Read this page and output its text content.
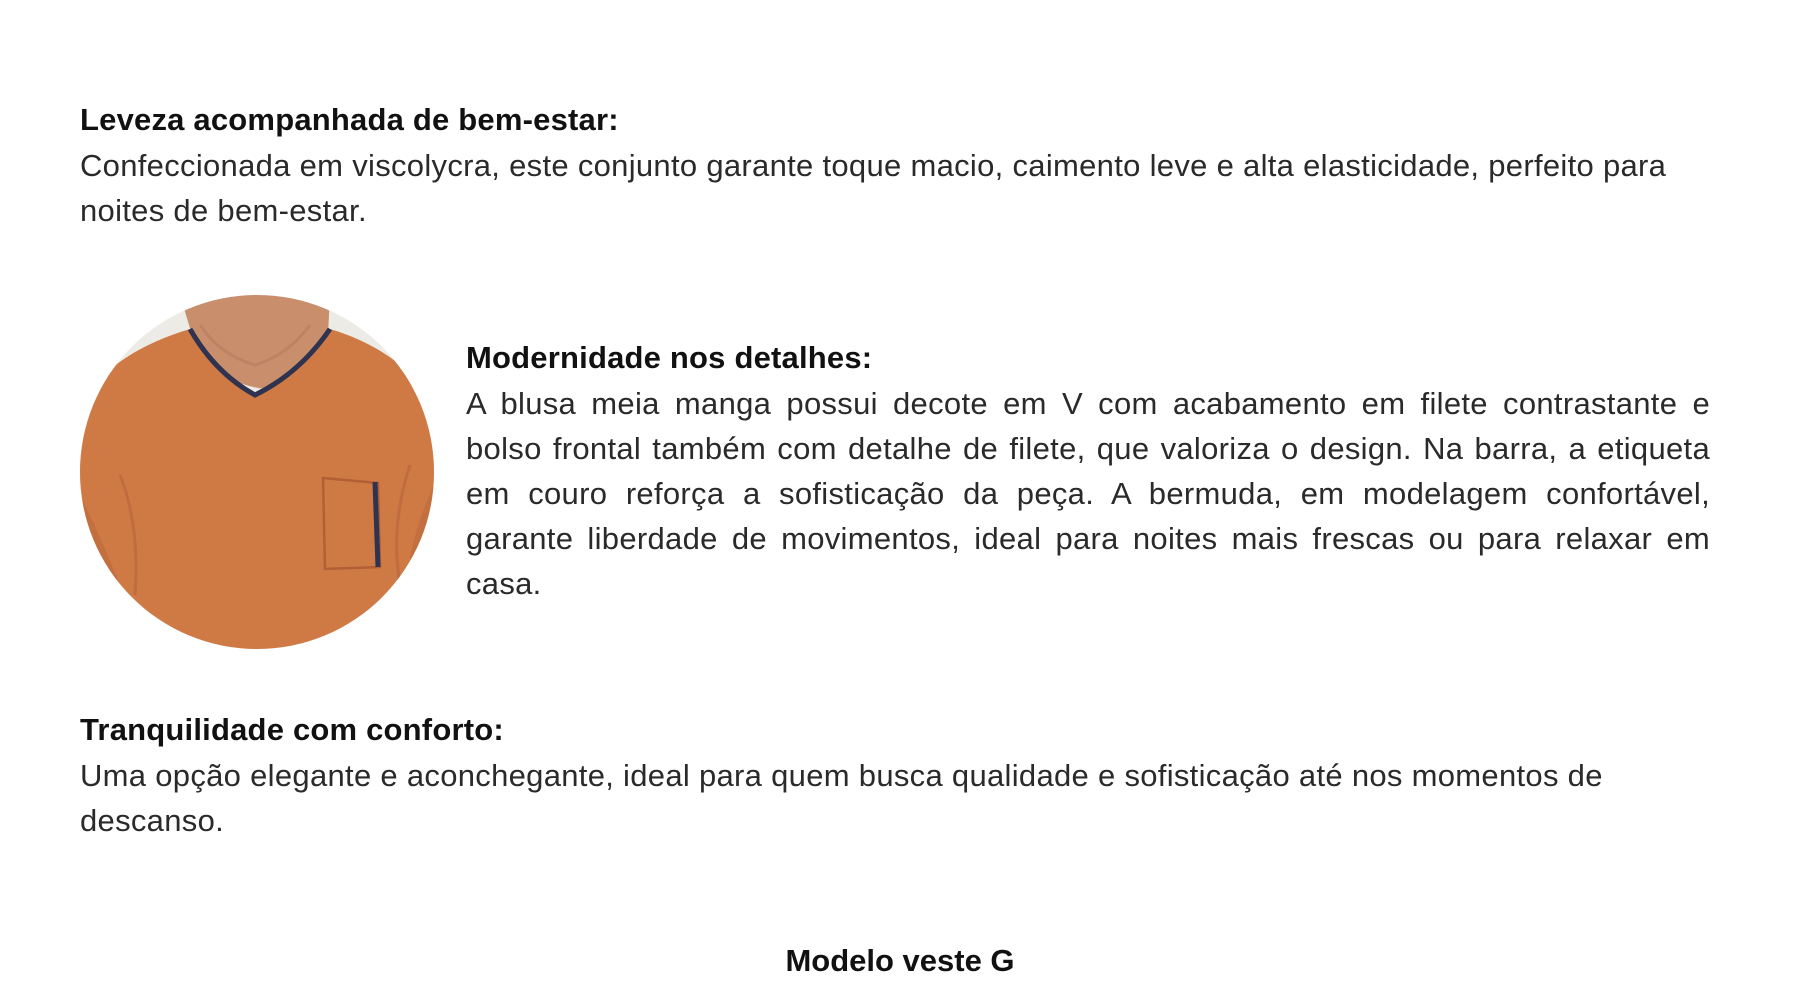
Leveza acompanhada de bem-estar:
Confeccionada em viscolycra, este conjunto garante toque macio, caimento leve e alta elasticidade, perfeito para noites de bem-estar.
Modernidade nos detalhes:
A blusa meia manga possui decote em V com acabamento em filete contrastante e bolso frontal também com detalhe de filete, que valoriza o design. Na barra, a etiqueta em couro reforça a sofisticação da peça. A bermuda, em modelagem confortável, garante liberdade de movimentos, ideal para noites mais frescas ou para relaxar em casa.
Tranquilidade com conforto:
Uma opção elegante e aconchegante, ideal para quem busca qualidade e sofisticação até nos momentos de descanso.
Modelo veste G
